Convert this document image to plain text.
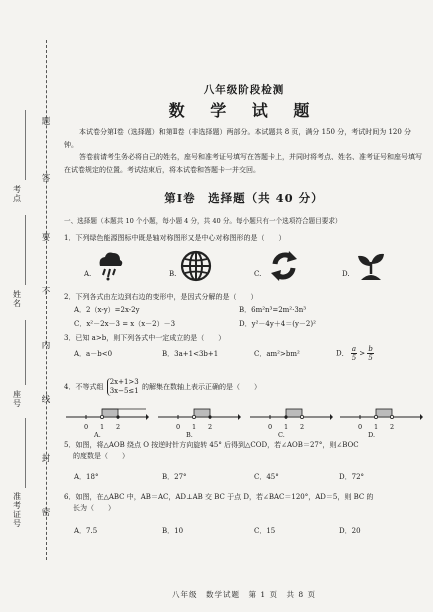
题
答
要
不
内
线
封
密
考点
姓名
座号
准考证号
八年级阶段检测
数 学 试 题

本试卷分第Ⅰ卷（选择题）和第Ⅱ卷（非选择题）两部分。本试题共 8 页，满分 150 分，考试时间为 120 分钟。

答卷前请考生务必将自己的姓名，座号和准考证号填写在答题卡上，并同时将考点、姓名、准考证号和座号填写在试卷规定的位置。考试结束后，将本试卷和答题卡一并交回。

第Ⅰ卷　选择题（共 40 分）
一、选择题（本题共 10 个小题，每小题 4 分，共 40 分。每小题只有一个选项符合题目要求）
1．下列绿色能源图标中既是轴对称图形又是中心对称图形的是（　　）
A.	B.	C.	D.
2．下列各式由左边到右边的变形中，是因式分解的是（　　）
A．2（x-y）=2x-2y	B．6m²n³=2m²·3n³
C．x²－2x－3 = x（x－2）－3	D．y²－4y＋4＝(y－2)²
3．已知 a>b，则下列各式中一定成立的是（　　）
A．a－b<0	B．3a+1<3b+1	C．am²>bm²	D． $\frac{a}{5} > \frac{b}{5}$
4．不等式组
2x+1>3
3x−5≤1 的解集在数轴上表示正确的是（　　）
0 1 2
A.
0 1 2
B.
0 1 2
C.
0 1 2
D.
5．如图，将△AOB 绕点 O 按逆时针方向旋转 45° 后得到△COD，若∠AOB＝27°，则∠BOC
的度数是（　　）
A．18°	B．27°	C．45°	D．72°
6．如图，在△ABC 中，AB＝AC，AD⊥AB 交 BC 于点 D，若∠BAC＝120°，AD＝5，则 BC 的
长为（　　）
A．7.5	B．10	C．15	D．20
八年级　数学试题　第 1 页　共 8 页
